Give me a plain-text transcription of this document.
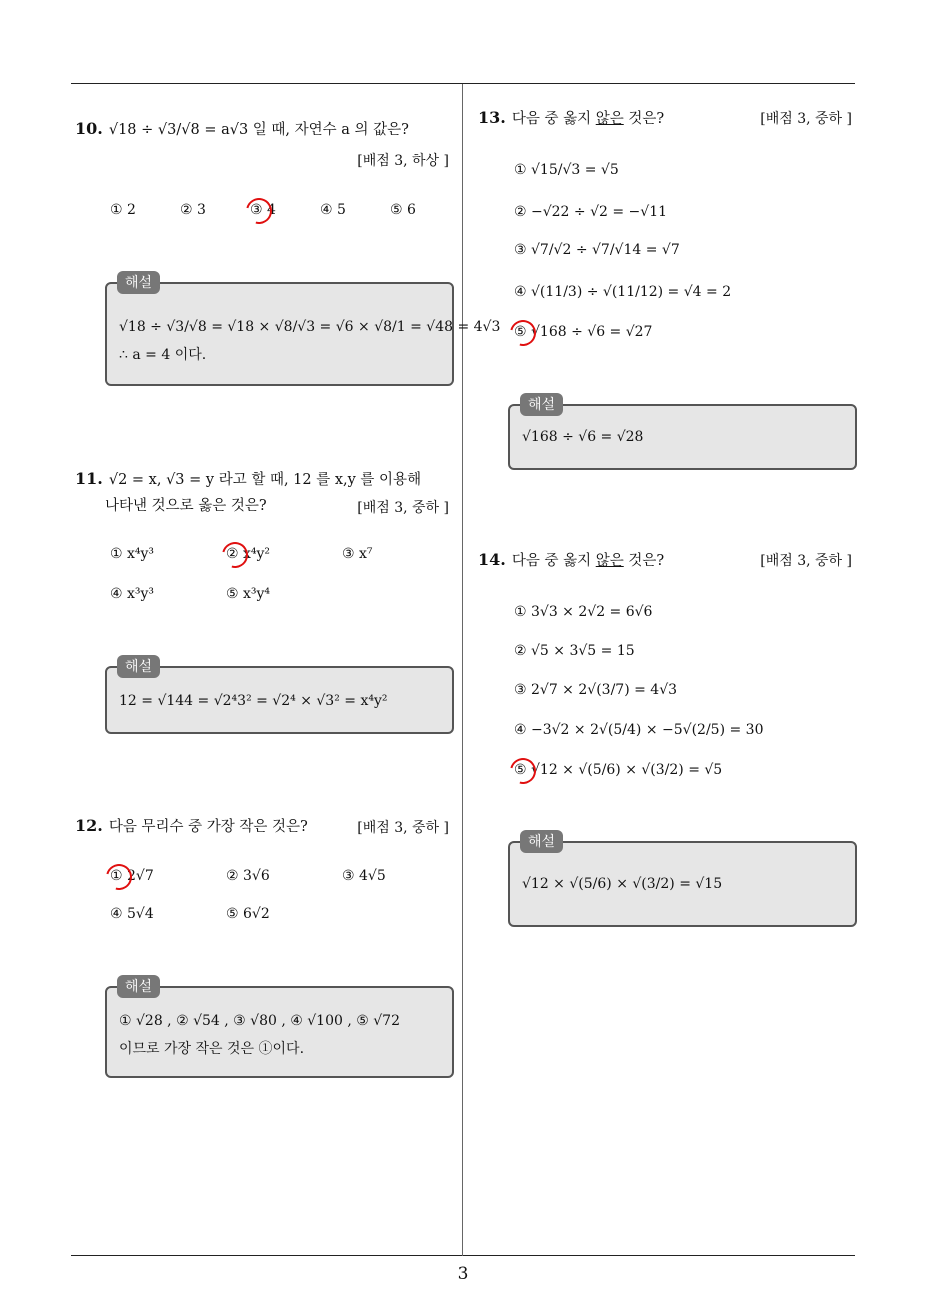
3
10. √18 ÷ √3/√8 = a√3 일 때, 자연수 a 의 값은?
[배점 3, 하상 ]
① 2	② 3	③ 4	④ 5	⑤ 6
해설
√18 ÷ √3/√8 = √18 × √8/√3 = √6 × √8/1 = √48 = 4√3
∴ a = 4 이다.
11. √2 = x, √3 = y 라고 할 때, 12 를 x,y 를 이용해
나타낸 것으로 옳은 것은?	[배점 3, 중하 ]
① x⁴y³	② x⁴y²	③ x⁷
④ x³y³	⑤ x³y⁴
해설
12 = √144 = √2⁴3² = √2⁴ × √3² = x⁴y²
12. 다음 무리수 중 가장 작은 것은?	[배점 3, 중하 ]
① 2√7	② 3√6	③ 4√5
④ 5√4	⑤ 6√2
해설
① √28 , ② √54 , ③ √80 , ④ √100 , ⑤ √72
이므로 가장 작은 것은 ①이다.
13. 다음 중 옳지 않은 것은?	[배점 3, 중하 ]
① √15/√3 = √5
② −√22 ÷ √2 = −√11
③ √7/√2 ÷ √7/√14 = √7
④ √(11/3) ÷ √(11/12) = √4 = 2
⑤ √168 ÷ √6 = √27
해설
√168 ÷ √6 = √28
14. 다음 중 옳지 않은 것은?	[배점 3, 중하 ]
① 3√3 × 2√2 = 6√6
② √5 × 3√5 = 15
③ 2√7 × 2√(3/7) = 4√3
④ −3√2 × 2√(5/4) × −5√(2/5) = 30
⑤ √12 × √(5/6) × √(3/2) = √5
해설
√12 × √(5/6) × √(3/2) = √15
